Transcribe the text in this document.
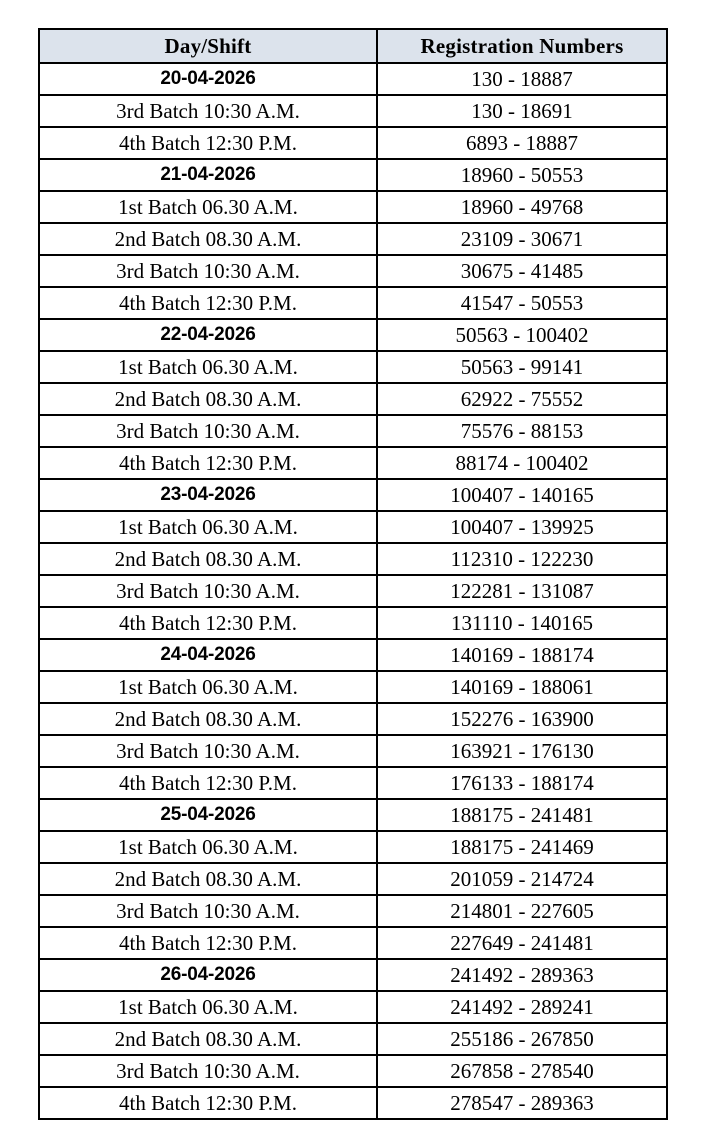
Day/Shift	Registration Numbers
20-04-2026	130 - 18887
3rd Batch 10:30 A.M.	130 - 18691
4th Batch 12:30 P.M.	6893 - 18887
21-04-2026	18960 - 50553
1st Batch 06.30 A.M.	18960 - 49768
2nd Batch 08.30 A.M.	23109 - 30671
3rd Batch 10:30 A.M.	30675 - 41485
4th Batch 12:30 P.M.	41547 - 50553
22-04-2026	50563 - 100402
1st Batch 06.30 A.M.	50563 - 99141
2nd Batch 08.30 A.M.	62922 - 75552
3rd Batch 10:30 A.M.	75576 - 88153
4th Batch 12:30 P.M.	88174 - 100402
23-04-2026	100407 - 140165
1st Batch 06.30 A.M.	100407 - 139925
2nd Batch 08.30 A.M.	112310 - 122230
3rd Batch 10:30 A.M.	122281 - 131087
4th Batch 12:30 P.M.	131110 - 140165
24-04-2026	140169 - 188174
1st Batch 06.30 A.M.	140169 - 188061
2nd Batch 08.30 A.M.	152276 - 163900
3rd Batch 10:30 A.M.	163921 - 176130
4th Batch 12:30 P.M.	176133 - 188174
25-04-2026	188175 - 241481
1st Batch 06.30 A.M.	188175 - 241469
2nd Batch 08.30 A.M.	201059 - 214724
3rd Batch 10:30 A.M.	214801 - 227605
4th Batch 12:30 P.M.	227649 - 241481
26-04-2026	241492 - 289363
1st Batch 06.30 A.M.	241492 - 289241
2nd Batch 08.30 A.M.	255186 - 267850
3rd Batch 10:30 A.M.	267858 - 278540
4th Batch 12:30 P.M.	278547 - 289363
